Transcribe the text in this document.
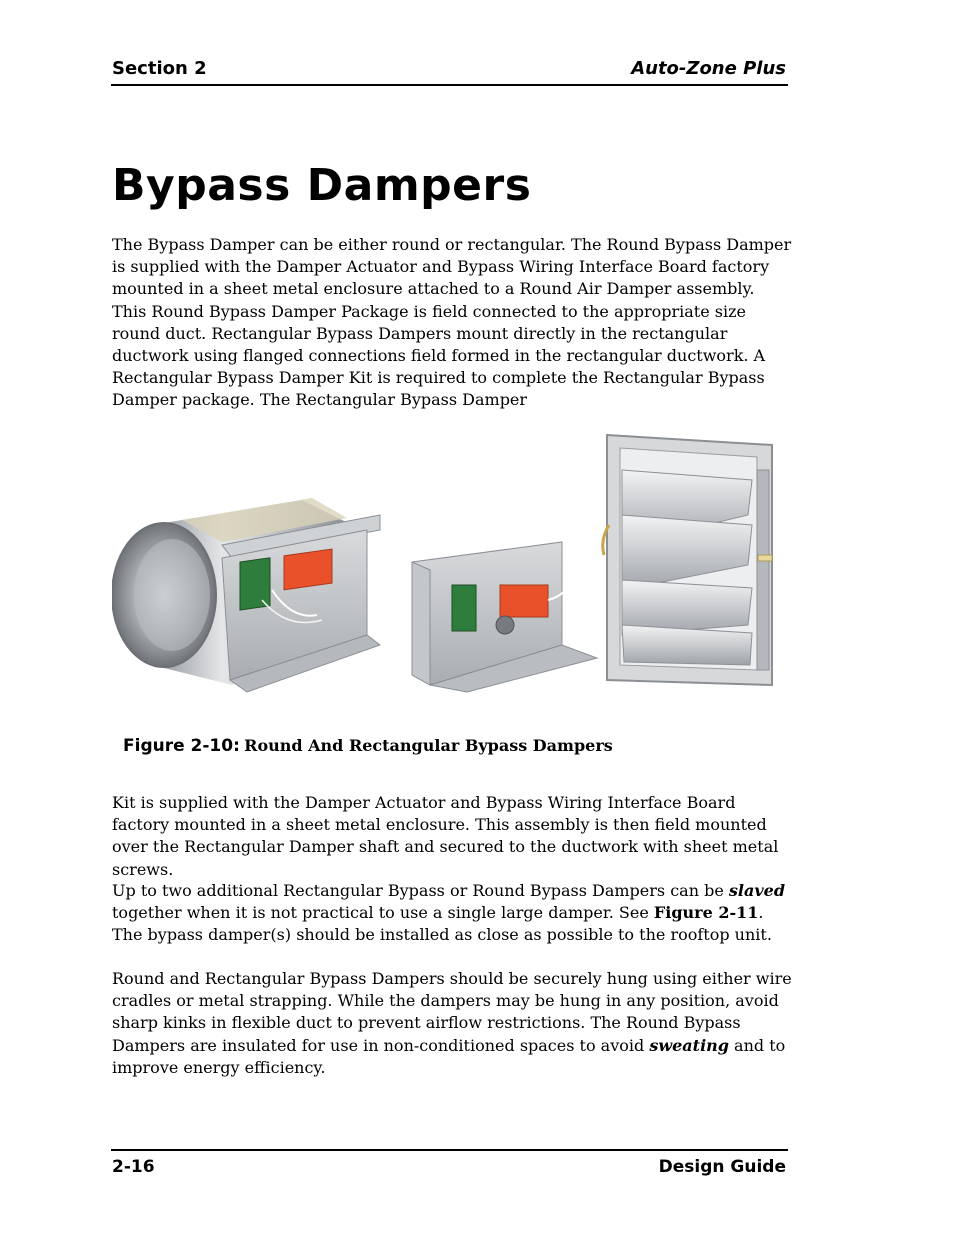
Section 2	Auto-Zone Plus
Bypass Dampers

The Bypass Damper can be either round or rectangular. The Round Bypass Damper is supplied with the Damper Actuator and Bypass Wiring Interface Board factory mounted in a sheet metal enclosure attached to a Round Air Damper assembly. This Round Bypass Damper Package is field connected to the appropriate size round duct. Rectangular Bypass Dampers mount directly in the rectangular ductwork using flanged connections field formed in the rectangular ductwork. A Rectangular Bypass Damper Kit is required to complete the Rectangular Bypass Damper package. The Rectangular Bypass Damper

Figure 2-10: Round And Rectangular Bypass Dampers

Kit is supplied with the Damper Actuator and Bypass Wiring Interface Board factory mounted in a sheet metal enclosure. This assembly is then field mounted over the Rectangular Damper shaft and secured to the ductwork with sheet metal screws.

Up to two additional Rectangular Bypass or Round Bypass Dampers can be slaved together when it is not practical to use a single large damper. See Figure 2-11. The bypass damper(s) should be installed as close as possible to the rooftop unit.

Round and Rectangular Bypass Dampers should be securely hung using either wire cradles or metal strapping. While the dampers may be hung in any position, avoid sharp kinks in flexible duct to prevent airflow restrictions. The Round Bypass Dampers are insulated for use in non-conditioned spaces to avoid sweating and to improve energy efficiency.

2-16	Design Guide
